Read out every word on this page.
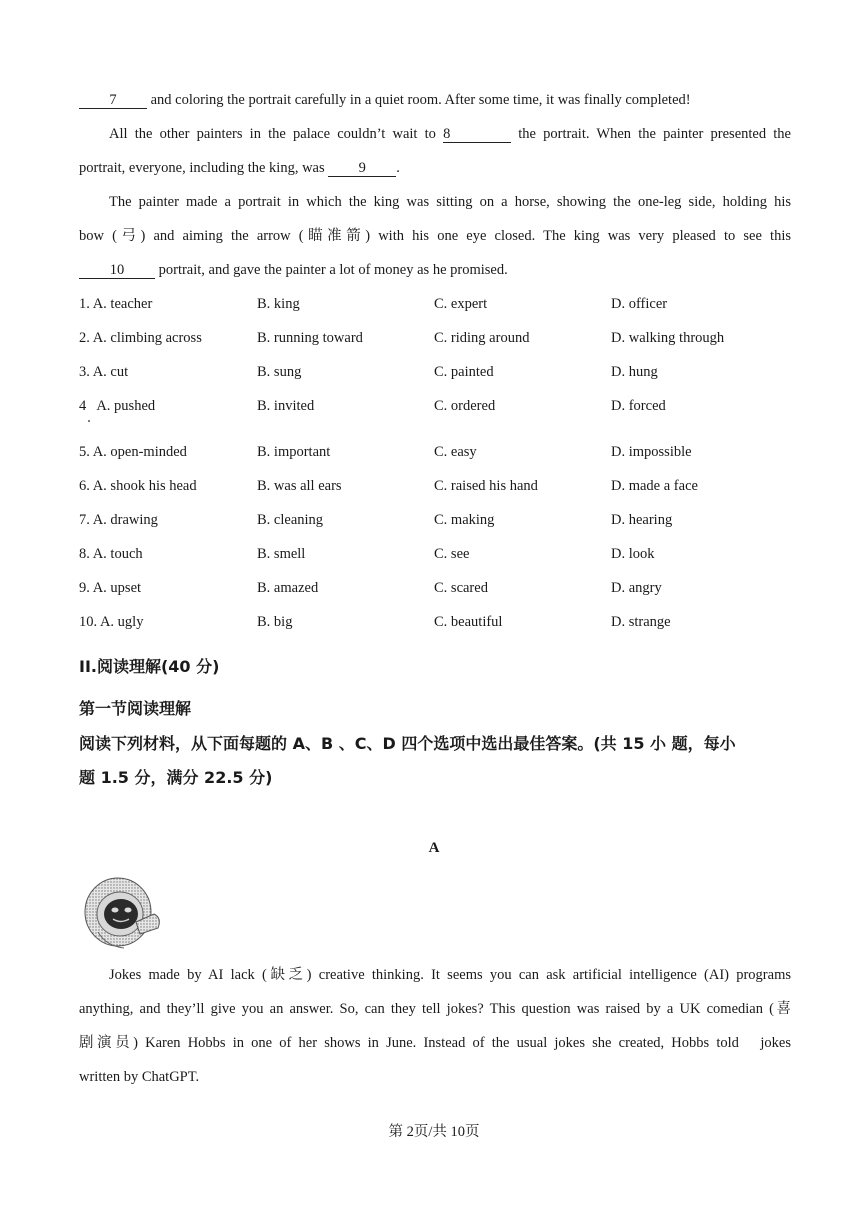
7 and coloring the portrait carefully in a quiet room. After some time, it was finally completed!
All the other painters in the palace couldn’t wait to 8	the portrait. When the painter presented the
portrait, everyone, including the king, was 9 .
The painter made a portrait in which the king was sitting on a horse, showing the one-leg side, holding his
bow (弓) and aiming the arrow (瞄准箭) with his one eye closed. The king was very pleased to see this
10 portrait, and gave the painter a lot of money as he promised.
1. A. teacher	B. king	C. expert	D. officer
2. A. climbing across	B. running toward	C. riding around	D. walking through
3. A. cut	B. sung	C. painted	D. hung
4   A. pushed	B. invited	C. ordered	D. forced
5. A. open-minded	B. important	C. easy	D. impossible
6. A. shook his head	B. was all ears	C. raised his hand	D. made a face
7. A. drawing	B. cleaning	C. making	D. hearing
8. A. touch	B. smell	C. see	D. look
9. A. upset	B. amazed	C. scared	D. angry
10. A. ugly	B. big	C. beautiful	D. strange
II.阅读理解(40 分)
第一节阅读理解
阅读下列材料，从下面每题的 A、B 、C、D 四个选项中选出最佳答案。(共 15 小 题，每小
题 1.5 分，满分 22.5 分)
A
Jokes made by AI lack (缺乏) creative thinking. It seems you can ask artificial intelligence (AI) programs
anything, and they’ll give you an answer. So, can they tell jokes? This question was raised by a UK comedian (喜
剧演员) Karen Hobbs in one of her shows in June. Instead of the usual jokes she created, Hobbs told   jokes
written by ChatGPT.
第 2页/共 10页
